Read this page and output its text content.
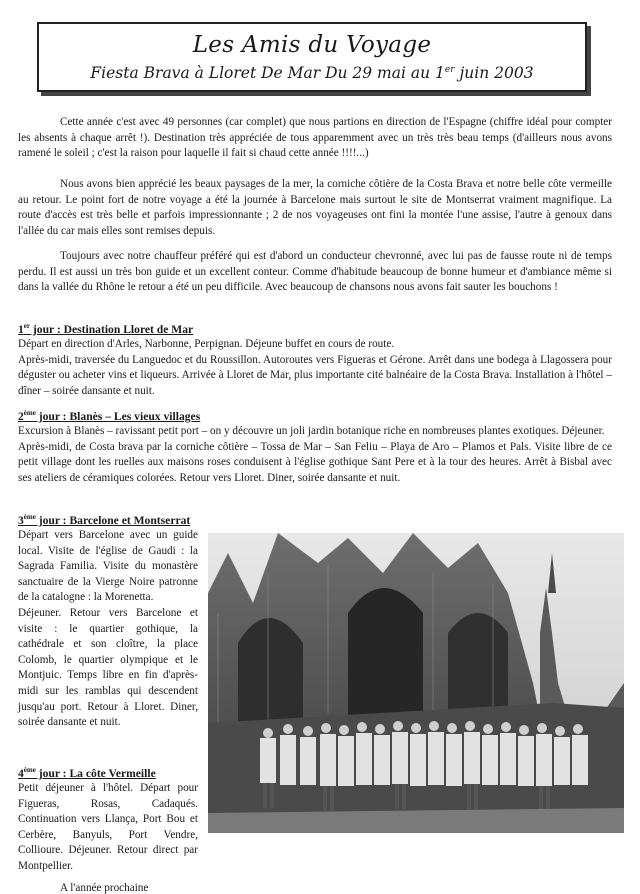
Les Amis du Voyage
Fiesta Brava à Lloret De Mar Du 29 mai au 1er juin 2003

Cette année c'est avec 49 personnes (car complet) que nous partions en direction de l'Espagne (chiffre idéal pour compter les absents à chaque arrêt !). Destination très appréciée de tous apparemment avec un très très beau temps (d'ailleurs nous avons ramené le soleil ; c'est la raison pour laquelle il fait si chaud cette année !!!!...)

Nous avons bien apprécié les beaux paysages de la mer, la corniche côtière de la Costa Brava et notre belle côte vermeille au retour. Le point fort de notre voyage a été la journée à Barcelone mais surtout le site de Montserrat vraiment magnifique. La route d'accès est très belle et parfois impressionnante ; 2 de nos voyageuses ont fini la montée l'une assise, l'autre à genoux dans l'allée du car mais elles sont remises depuis.

Toujours avec notre chauffeur préféré qui est d'abord un conducteur chevronné, avec lui pas de fausse route ni de temps perdu. Il est aussi un très bon guide et un excellent conteur. Comme d'habitude beaucoup de bonne humeur et d'ambiance même si dans la vallée du Rhône le retour a été un peu difficile. Avec beaucoup de chansons nous avons fait sauter les bouchons !

1er jour : Destination Lloret de Mar

Départ en direction d'Arles, Narbonne, Perpignan. Déjeune buffet en cours de route.
Après-midi, traversée du Languedoc et du Roussillon. Autoroutes vers Figueras et Gérone. Arrêt dans une bodega à Llagossera pour déguster ou acheter vins et liqueurs. Arrivée à Lloret de Mar, plus importante cité balnéaire de la Costa Brava. Installation à l'hôtel – dîner – soirée dansante et nuit.

2ème jour : Blanès – Les vieux villages

Excursion à Blanès – ravissant petit port – on y découvre un joli jardin botanique riche en nombreuses plantes exotiques. Déjeuner.
Après-midi, de Costa brava par la corniche côtière – Tossa de Mar – San Feliu – Playa de Aro – Plamos et Pals. Visite libre de ce petit village dont les ruelles aux maisons roses conduisent à l'église gothique Sant Pere et à la tour des heures. Arrêt à Bisbal avec ses ateliers de céramiques colorées. Retour vers Lloret. Diner, soirée dansante et nuit.

3ème jour : Barcelone et Montserrat

Départ vers Barcelone avec un guide local. Visite de l'église de Gaudi : la Sagrada Familia. Visite du monastère sanctuaire de la Vierge Noire patronne de la catalogne : la Morenetta.
Déjeuner. Retour vers Barcelone et visite : le quartier gothique, la cathédrale et son cloître, la place Colomb, le quartier olympique et le Montjuic. Temps libre en fin d'après-midi sur les ramblas qui descendent jusqu'au port. Retour à Lloret. Diner, soirée dansante et nuit.

4ème jour : La côte Vermeille

Petit déjeuner à l'hôtel. Départ pour Figueras, Rosas, Cadaqués. Continuation vers Llança, Port Bou et Cerbère, Banyuls, Port Vendre, Collioure. Déjeuner. Retour direct par Montpellier.

A l'année prochaine
